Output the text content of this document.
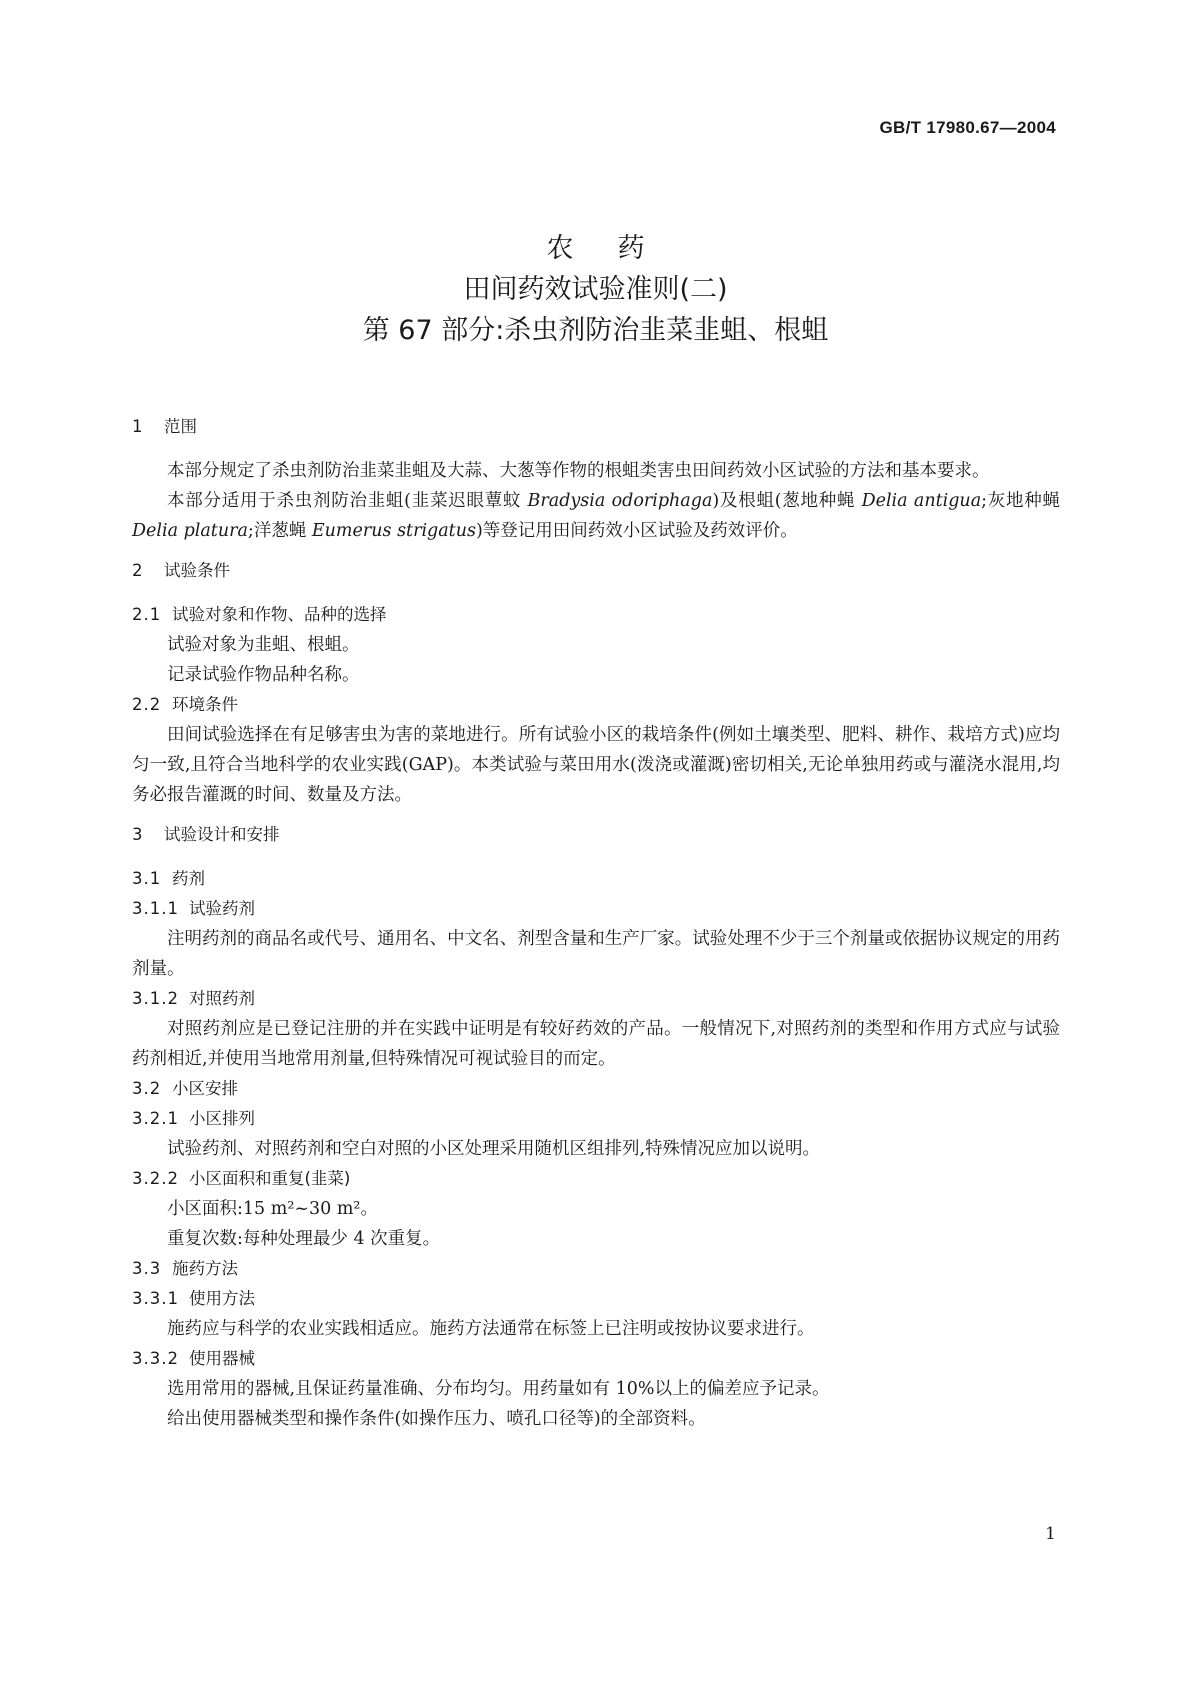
GB/T 17980.67—2004
农药
田间药效试验准则(二)
第 67 部分:杀虫剂防治韭菜韭蛆、根蛆
1 范围
本部分规定了杀虫剂防治韭菜韭蛆及大蒜、大葱等作物的根蛆类害虫田间药效小区试验的方法和基本要求。
本部分适用于杀虫剂防治韭蛆(韭菜迟眼蕈蚊 Bradysia odoriphaga)及根蛆(葱地种蝇 Delia antigua;灰地种蝇 Delia platura;洋葱蝇 Eumerus strigatus)等登记用田间药效小区试验及药效评价。
2 试验条件
2.1 试验对象和作物、品种的选择
试验对象为韭蛆、根蛆。
记录试验作物品种名称。
2.2 环境条件
田间试验选择在有足够害虫为害的菜地进行。所有试验小区的栽培条件(例如土壤类型、肥料、耕作、栽培方式)应均匀一致,且符合当地科学的农业实践(GAP)。本类试验与菜田用水(泼浇或灌溉)密切相关,无论单独用药或与灌浇水混用,均务必报告灌溉的时间、数量及方法。
3 试验设计和安排
3.1 药剂
3.1.1 试验药剂
注明药剂的商品名或代号、通用名、中文名、剂型含量和生产厂家。试验处理不少于三个剂量或依据协议规定的用药剂量。
3.1.2 对照药剂
对照药剂应是已登记注册的并在实践中证明是有较好药效的产品。一般情况下,对照药剂的类型和作用方式应与试验药剂相近,并使用当地常用剂量,但特殊情况可视试验目的而定。
3.2 小区安排
3.2.1 小区排列
试验药剂、对照药剂和空白对照的小区处理采用随机区组排列,特殊情况应加以说明。
3.2.2 小区面积和重复(韭菜)
小区面积:15 m²~30 m²。
重复次数:每种处理最少 4 次重复。
3.3 施药方法
3.3.1 使用方法
施药应与科学的农业实践相适应。施药方法通常在标签上已注明或按协议要求进行。
3.3.2 使用器械
选用常用的器械,且保证药量准确、分布均匀。用药量如有 10%以上的偏差应予记录。
给出使用器械类型和操作条件(如操作压力、喷孔口径等)的全部资料。
1
